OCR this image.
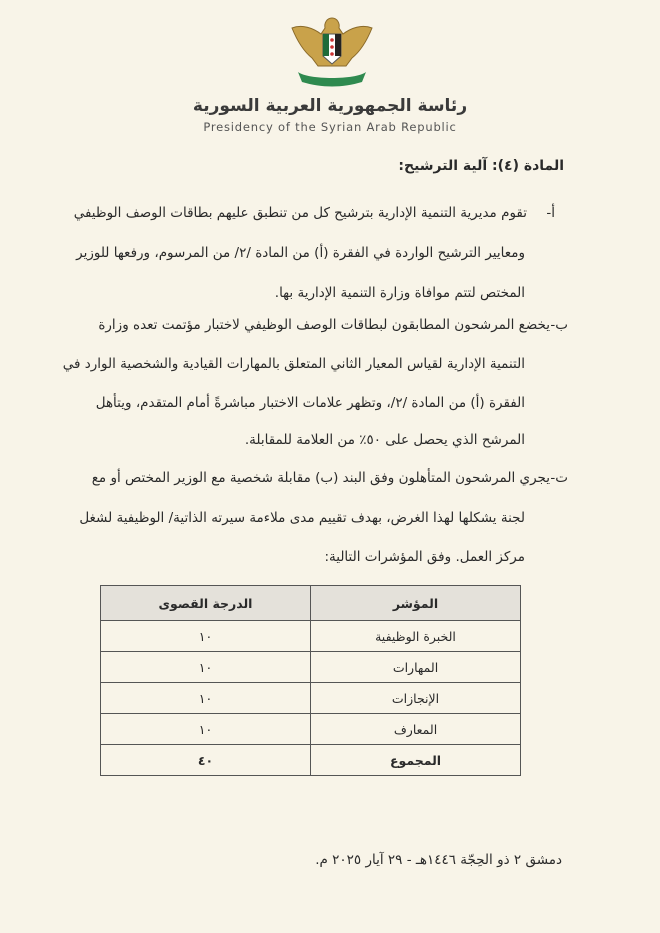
رئاسة الجمهورية العربية السورية
Presidency of the Syrian Arab Republic
المادة (٤): آلية الترشيح:
أ-
تقوم مديرية التنمية الإدارية بترشيح كل من تنطبق عليهم بطاقات الوصف الوظيفي
ومعايير الترشيح الواردة في الفقرة (أ) من المادة /٢/ من المرسوم، ورفعها للوزير
المختص لتتم موافاة وزارة التنمية الإدارية بها.
ب-
يخضع المرشحون المطابقون لبطاقات الوصف الوظيفي لاختبار مؤتمت تعده وزارة
التنمية الإدارية لقياس المعيار الثاني المتعلق بالمهارات القيادية والشخصية الوارد في
الفقرة (أ) من المادة /٢/، وتظهر علامات الاختبار مباشرةً أمام المتقدم، ويتأهل
المرشح الذي يحصل على ٥٠٪ من العلامة للمقابلة.
ت-
يجري المرشحون المتأهلون وفق البند (ب) مقابلة شخصية مع الوزير المختص أو مع
لجنة يشكلها لهذا الغرض، بهدف تقييم مدى ملاءمة سيرته الذاتية/ الوظيفية لشغل
مركز العمل. وفق المؤشرات التالية:
المؤشر	الدرجة القصوى
الخبرة الوظيفية	١٠
المهارات	١٠
الإنجازات	١٠
المعارف	١٠
المجموع	٤٠
دمشق ٢ ذو الحِجّة ١٤٤٦هـ - ٢٩ آيار ٢٠٢٥ م.
